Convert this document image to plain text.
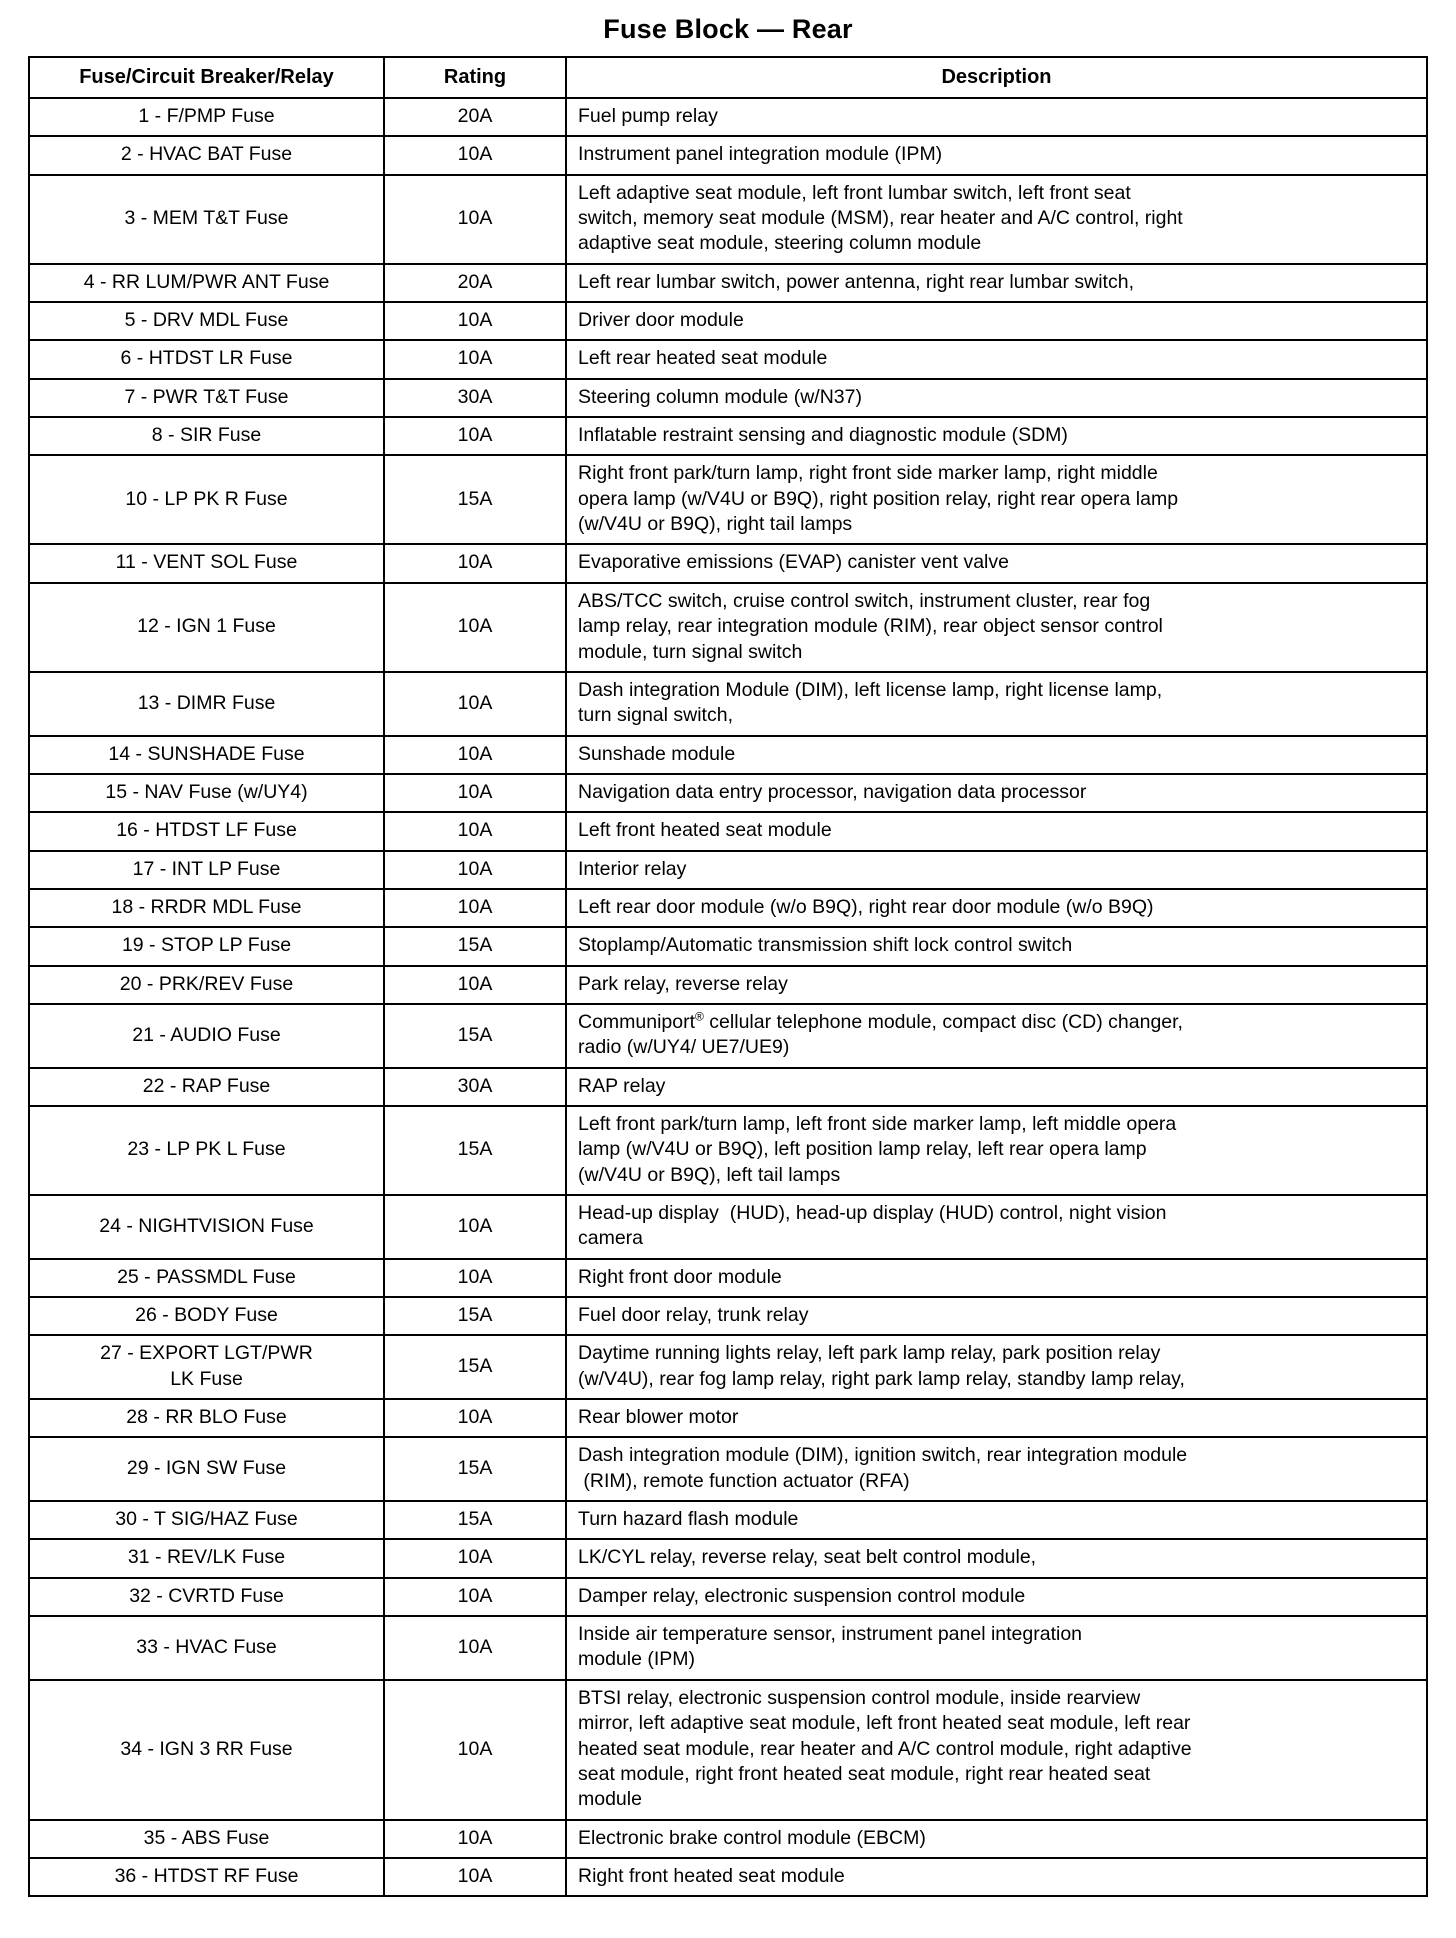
Fuse Block — Rear
Fuse/Circuit Breaker/Relay	Rating	Description

1 - F/PMP Fuse	20A	Fuel pump relay

2 - HVAC BAT Fuse	10A	Instrument panel integration module (IPM)

3 - MEM T&T Fuse	10A	Left adaptive seat module, left front lumbar switch, left front seat
switch, memory seat module (MSM), rear heater and A/C control, right
adaptive seat module, steering column module

4 - RR LUM/PWR ANT Fuse	20A	Left rear lumbar switch, power antenna, right rear lumbar switch,

5 - DRV MDL Fuse	10A	Driver door module

6 - HTDST LR Fuse	10A	Left rear heated seat module

7 - PWR T&T Fuse	30A	Steering column module (w/N37)

8 - SIR Fuse	10A	Inflatable restraint sensing and diagnostic module (SDM)

10 - LP PK R Fuse	15A	Right front park/turn lamp, right front side marker lamp, right middle
opera lamp (w/V4U or B9Q), right position relay, right rear opera lamp
(w/V4U or B9Q), right tail lamps

11 - VENT SOL Fuse	10A	Evaporative emissions (EVAP) canister vent valve

12 - IGN 1 Fuse	10A	ABS/TCC switch, cruise control switch, instrument cluster, rear fog
lamp relay, rear integration module (RIM), rear object sensor control
module, turn signal switch

13 - DIMR Fuse	10A	Dash integration Module (DIM), left license lamp, right license lamp,
turn signal switch,

14 - SUNSHADE Fuse	10A	Sunshade module

15 - NAV Fuse (w/UY4)	10A	Navigation data entry processor, navigation data processor

16 - HTDST LF Fuse	10A	Left front heated seat module

17 - INT LP Fuse	10A	Interior relay

18 - RRDR MDL Fuse	10A	Left rear door module (w/o B9Q), right rear door module (w/o B9Q)

19 - STOP LP Fuse	15A	Stoplamp/Automatic transmission shift lock control switch

20 - PRK/REV Fuse	10A	Park relay, reverse relay

21 - AUDIO Fuse	15A	Communiport® cellular telephone module, compact disc (CD) changer,
radio (w/UY4/ UE7/UE9)

22 - RAP Fuse	30A	RAP relay

23 - LP PK L Fuse	15A	Left front park/turn lamp, left front side marker lamp, left middle opera
lamp (w/V4U or B9Q), left position lamp relay, left rear opera lamp
(w/V4U or B9Q), left tail lamps

24 - NIGHTVISION Fuse	10A	Head-up display  (HUD), head-up display (HUD) control, night vision
camera

25 - PASSMDL Fuse	10A	Right front door module

26 - BODY Fuse	15A	Fuel door relay, trunk relay

27 - EXPORT LGT/PWR
LK Fuse	15A	Daytime running lights relay, left park lamp relay, park position relay
(w/V4U), rear fog lamp relay, right park lamp relay, standby lamp relay,

28 - RR BLO Fuse	10A	Rear blower motor

29 - IGN SW Fuse	15A	Dash integration module (DIM), ignition switch, rear integration module
(RIM), remote function actuator (RFA)

30 - T SIG/HAZ Fuse	15A	Turn hazard flash module

31 - REV/LK Fuse	10A	LK/CYL relay, reverse relay, seat belt control module,

32 - CVRTD Fuse	10A	Damper relay, electronic suspension control module

33 - HVAC Fuse	10A	Inside air temperature sensor, instrument panel integration
module (IPM)

34 - IGN 3 RR Fuse	10A	BTSI relay, electronic suspension control module, inside rearview
mirror, left adaptive seat module, left front heated seat module, left rear
heated seat module, rear heater and A/C control module, right adaptive
seat module, right front heated seat module, right rear heated seat
module

35 - ABS Fuse	10A	Electronic brake control module (EBCM)

36 - HTDST RF Fuse	10A	Right front heated seat module
